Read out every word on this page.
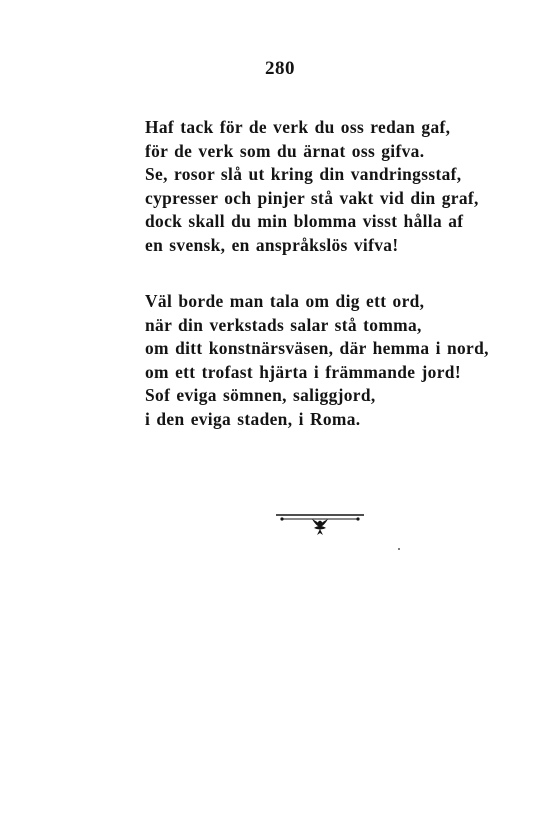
280
Haf tack för de verk du oss redan gaf,
för de verk som du ärnat oss gifva.
Se, rosor slå ut kring din vandringsstaf,
cypresser och pinjer stå vakt vid din graf,
dock skall du min blomma visst hålla af
en svensk, en anspråkslös vifva!
Väl borde man tala om dig ett ord,
när din verkstads salar stå tomma,
om ditt konstnärsväsen, där hemma i nord,
om ett trofast hjärta i främmande jord!
Sof eviga sömnen, saliggjord,
i den eviga staden, i Roma.
